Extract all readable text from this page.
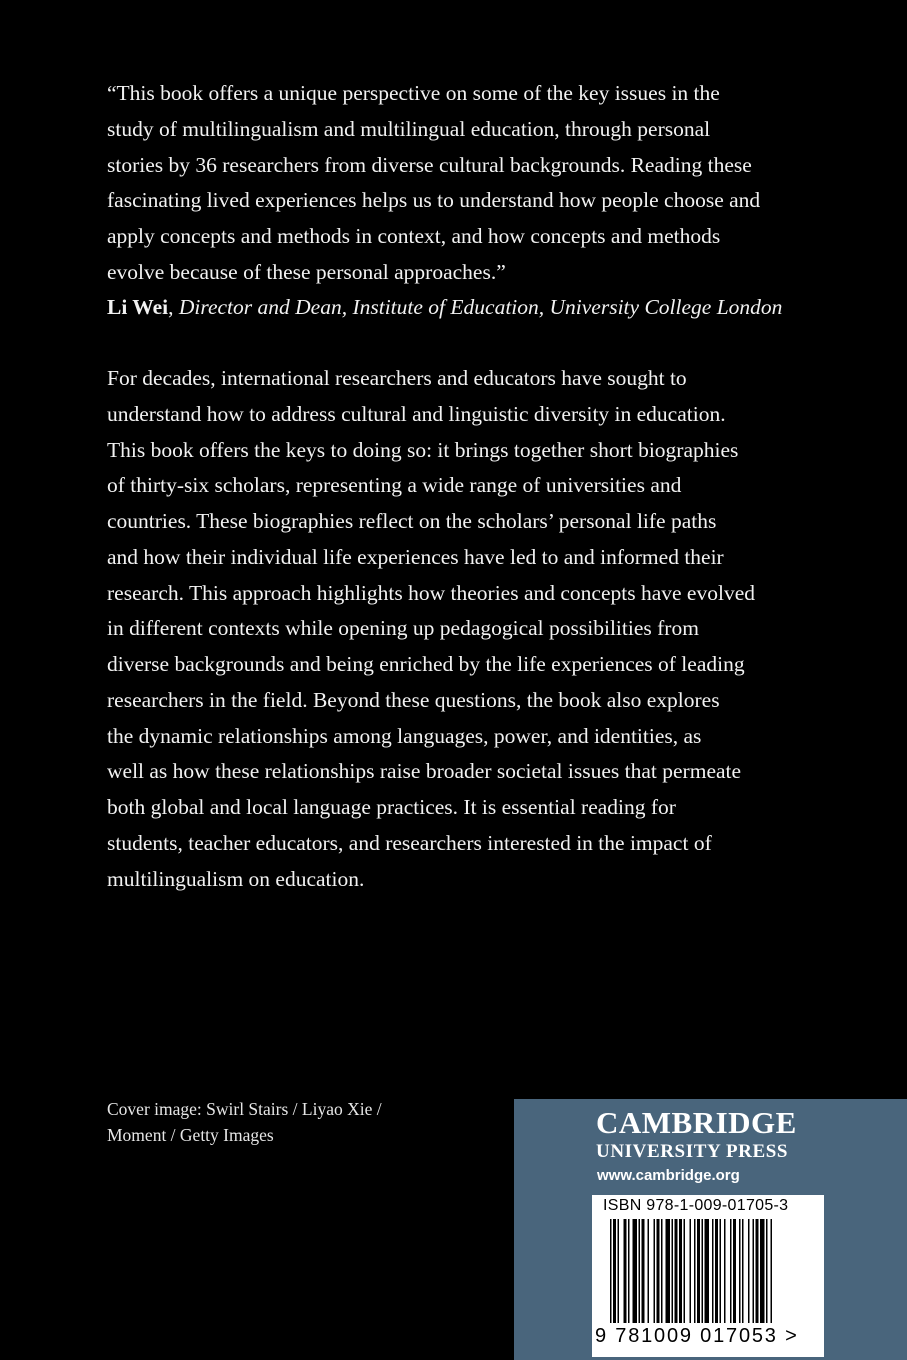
“This book offers a unique perspective on some of the key issues in the
study of multilingualism and multilingual education, through personal
stories by 36 researchers from diverse cultural backgrounds. Reading these
fascinating lived experiences helps us to understand how people choose and
apply concepts and methods in context, and how concepts and methods
evolve because of these personal approaches.”
Li Wei, Director and Dean, Institute of Education, University College London
For decades, international researchers and educators have sought to
understand how to address cultural and linguistic diversity in education.
This book offers the keys to doing so: it brings together short biographies
of thirty-six scholars, representing a wide range of universities and
countries. These biographies reflect on the scholars’ personal life paths
and how their individual life experiences have led to and informed their
research. This approach highlights how theories and concepts have evolved
in different contexts while opening up pedagogical possibilities from
diverse backgrounds and being enriched by the life experiences of leading
researchers in the field. Beyond these questions, the book also explores
the dynamic relationships among languages, power, and identities, as
well as how these relationships raise broader societal issues that permeate
both global and local language practices. It is essential reading for
students, teacher educators, and researchers interested in the impact of
multilingualism on education.
Cover image: Swirl Stairs / Liyao Xie /
Moment / Getty Images	CAMBRIDGE
UNIVERSITY PRESS
www.cambridge.org
ISBN 978-1-009-01705-3
9 781009 017053 >
